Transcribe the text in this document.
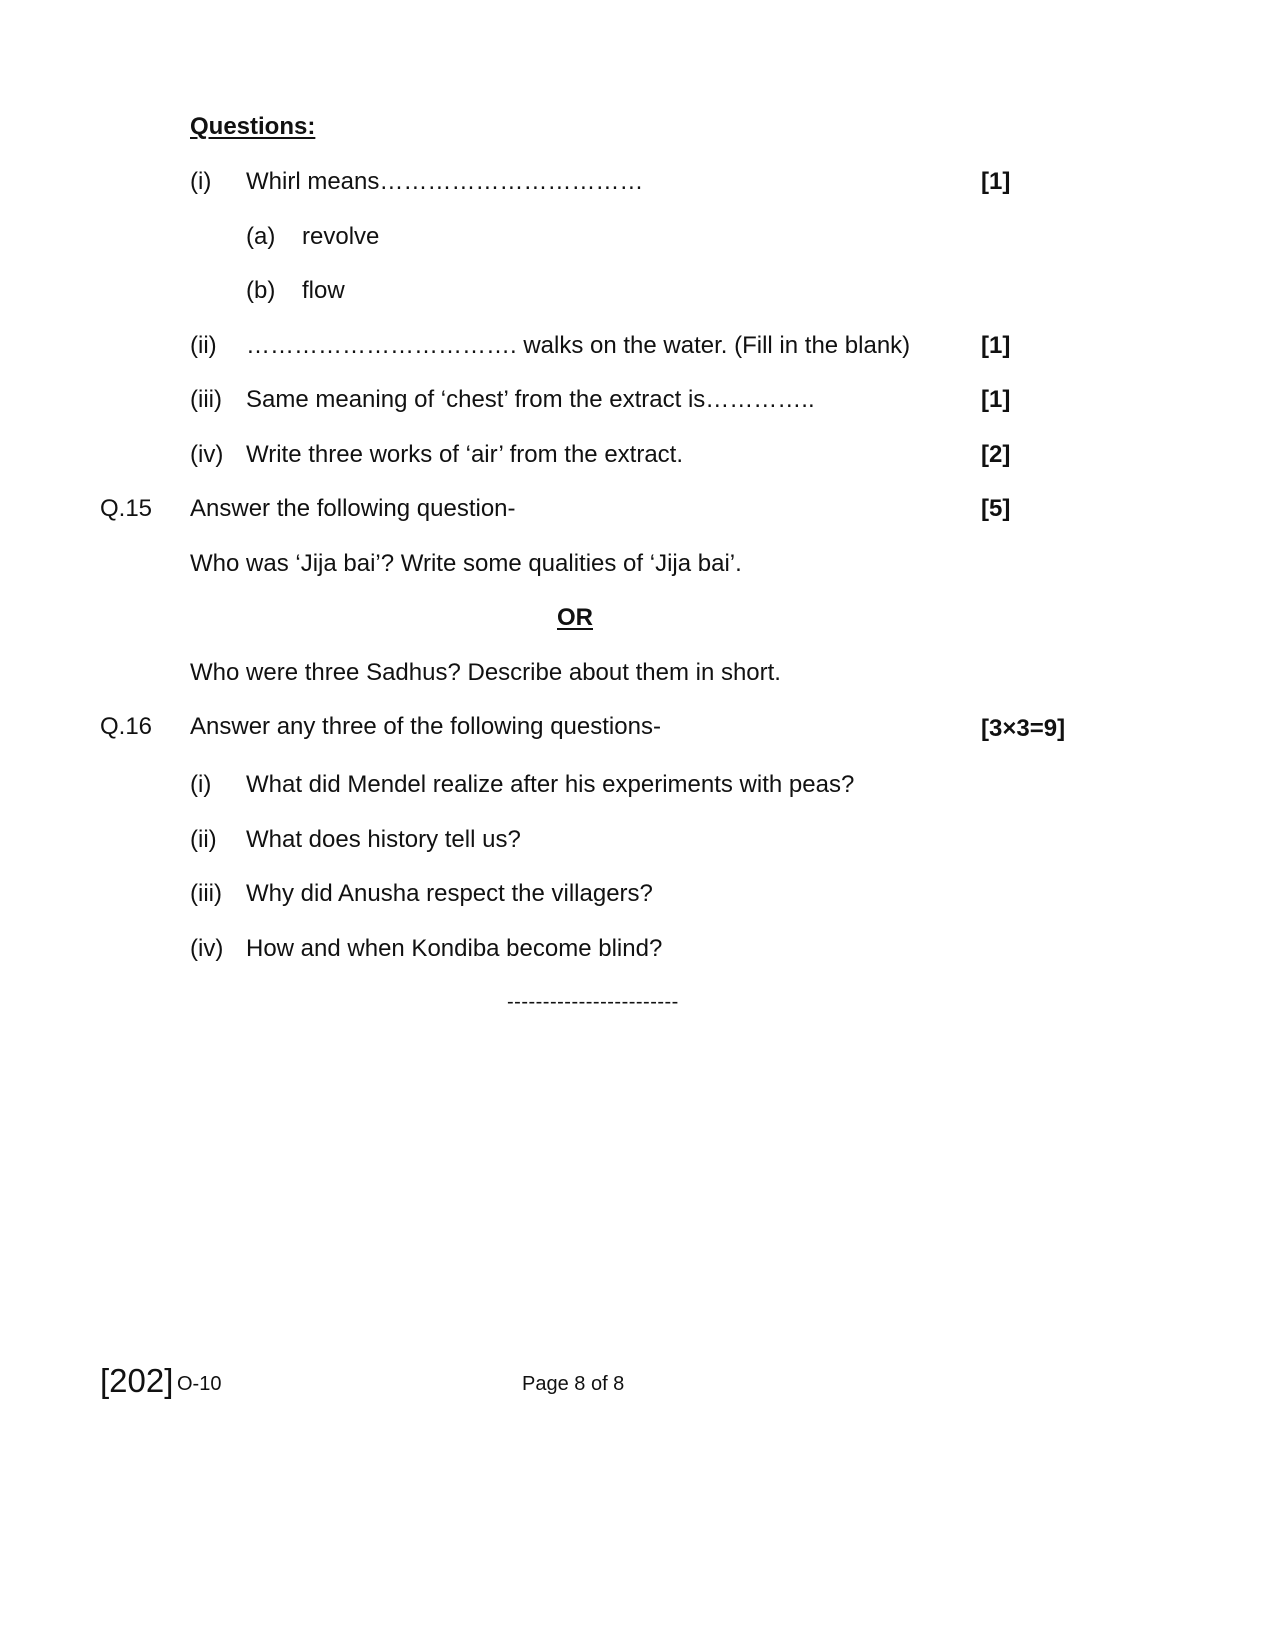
Questions:
(i) Whirl means……………………………	[1]
(a) revolve
(b) flow
(ii) ……………………………. walks on the water. (Fill in the blank)	[1]
(iii) Same meaning of ‘chest’ from the extract is…………..	[1]
(iv) Write three works of ‘air’ from the extract.	[2]
Q.15 Answer the following question-	[5]
Who was ‘Jija bai’? Write some qualities of ‘Jija bai’.
OR
Who were three Sadhus? Describe about them in short.
Q.16 Answer any three of the following questions-	[3×3=9]
(i) What did Mendel realize after his experiments with peas?
(ii) What does history tell us?
(iii) Why did Anusha respect the villagers?
(iv) How and when Kondiba become blind?
------------------------
[202] O-10	Page 8 of 8
